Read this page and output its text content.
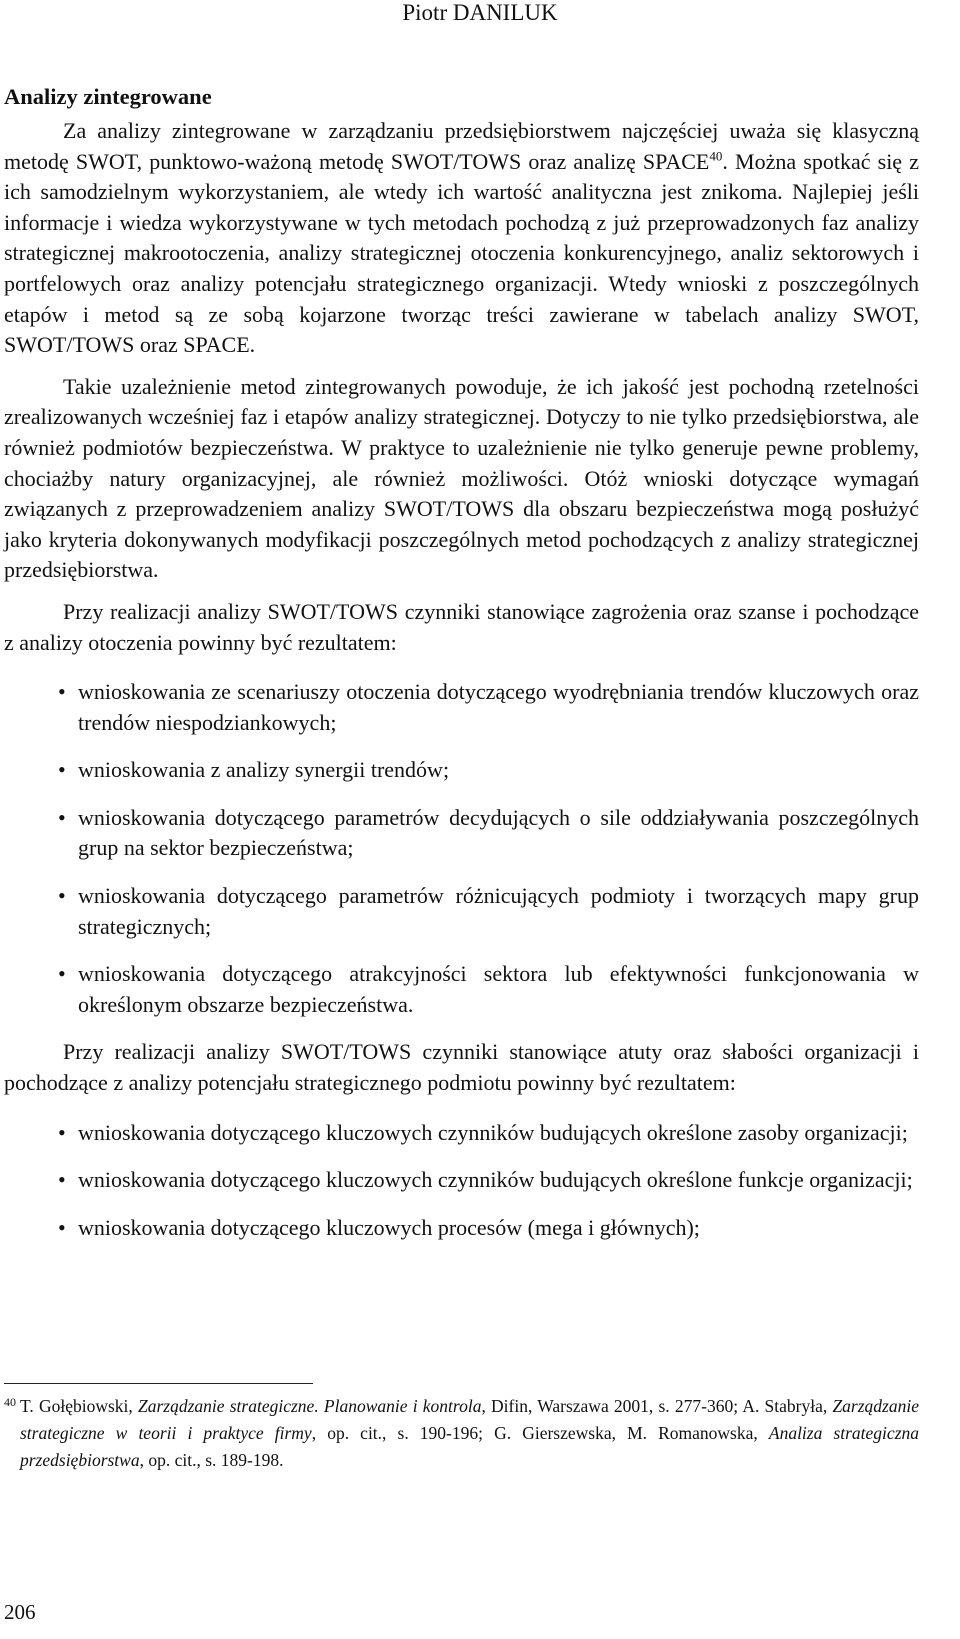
Piotr DANILUK
Analizy zintegrowane

Za analizy zintegrowane w zarządzaniu przedsiębiorstwem najczęściej uważa się klasyczną metodę SWOT, punktowo-ważoną metodę SWOT/TOWS oraz analizę SPACE$^{40}$. Można spotkać się z ich samodzielnym wykorzystaniem, ale wtedy ich wartość analityczna jest znikoma. Najlepiej jeśli informacje i wiedza wykorzystywane w tych metodach pochodzą z już przeprowadzonych faz analizy strategicznej makrootoczenia, analizy strategicznej otoczenia konkurencyjnego, analiz sektorowych i portfelowych oraz analizy potencjału strategicznego organizacji. Wtedy wnioski z poszczególnych etapów i metod są ze sobą kojarzone tworząc treści zawierane w tabelach analizy SWOT, SWOT/TOWS oraz SPACE.

Takie uzależnienie metod zintegrowanych powoduje, że ich jakość jest pochodną rzetelności zrealizowanych wcześniej faz i etapów analizy strategicznej. Dotyczy to nie tylko przedsiębiorstwa, ale również podmiotów bezpieczeństwa. W praktyce to uzależnienie nie tylko generuje pewne problemy, chociażby natury organizacyjnej, ale również możliwości. Otóż wnioski dotyczące wymagań związanych z przeprowadzeniem analizy SWOT/TOWS dla obszaru bezpieczeństwa mogą posłużyć jako kryteria dokonywanych modyfikacji poszczególnych metod pochodzących z analizy strategicznej przedsiębiorstwa.

Przy realizacji analizy SWOT/TOWS czynniki stanowiące zagrożenia oraz szanse i pochodzące z analizy otoczenia powinny być rezultatem:

• wnioskowania ze scenariuszy otoczenia dotyczącego wyodrębniania trendów kluczowych oraz trendów niespodziankowych;
• wnioskowania z analizy synergii trendów;
• wnioskowania dotyczącego parametrów decydujących o sile oddziaływania poszczególnych grup na sektor bezpieczeństwa;
• wnioskowania dotyczącego parametrów różnicujących podmioty i tworzących mapy grup strategicznych;
• wnioskowania dotyczącego atrakcyjności sektora lub efektywności funkcjonowania w określonym obszarze bezpieczeństwa.

Przy realizacji analizy SWOT/TOWS czynniki stanowiące atuty oraz słabości organizacji i pochodzące z analizy potencjału strategicznego podmiotu powinny być rezultatem:

• wnioskowania dotyczącego kluczowych czynników budujących określone zasoby organizacji;
• wnioskowania dotyczącego kluczowych czynników budujących określone funkcje organizacji;
• wnioskowania dotyczącego kluczowych procesów (mega i głównych);
40 T. Gołębiowski, Zarządzanie strategiczne. Planowanie i kontrola, Difin, Warszawa 2001, s. 277-360; A. Stabryła, Zarządzanie strategiczne w teorii i praktyce firmy, op. cit., s. 190-196; G. Gierszewska, M. Romanowska, Analiza strategiczna przedsiębiorstwa, op. cit., s. 189-198.
206
